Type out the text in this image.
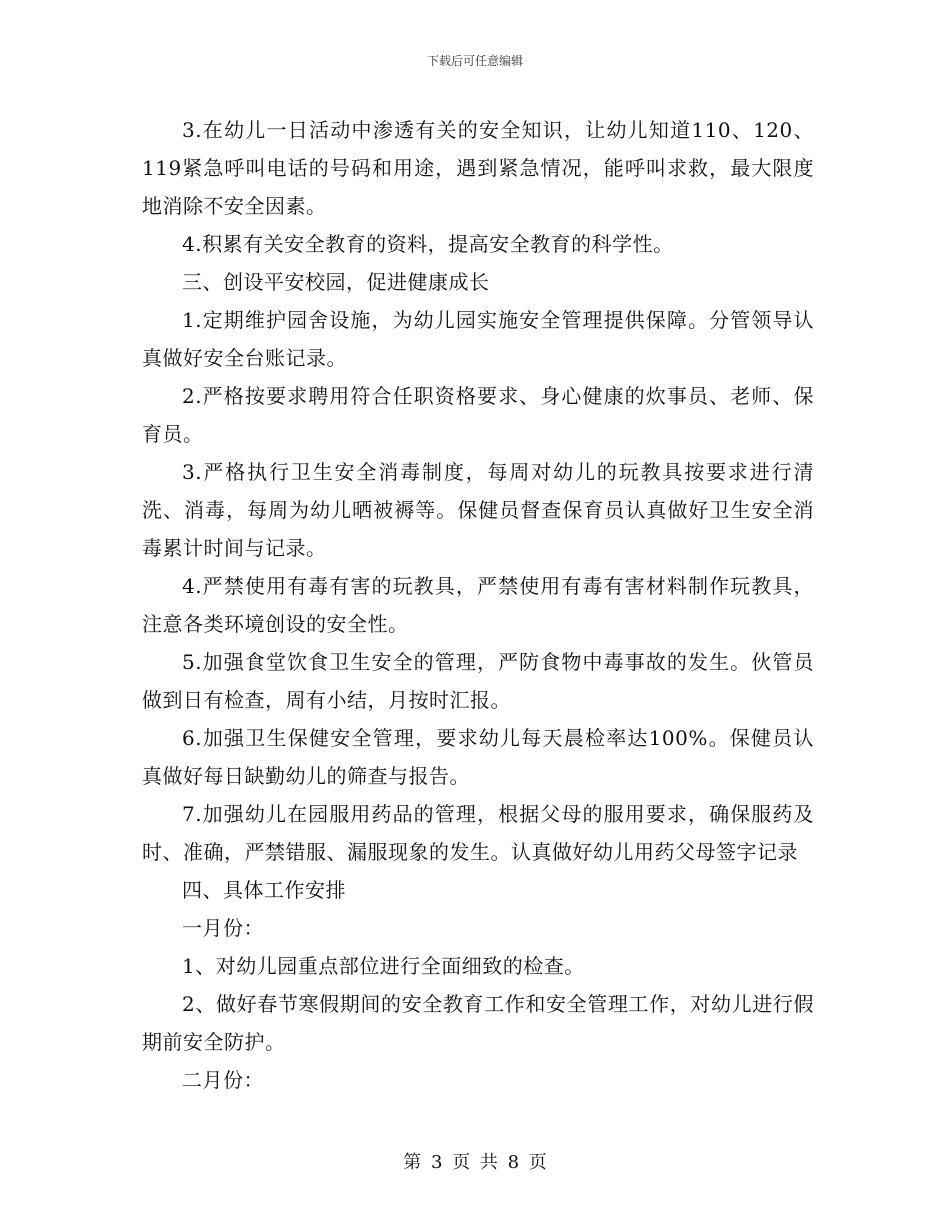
下载后可任意编辑

3.在幼儿一日活动中渗透有关的安全知识，让幼儿知道110、120、119紧急呼叫电话的号码和用途，遇到紧急情况，能呼叫求救，最大限度地消除不安全因素。

4.积累有关安全教育的资料，提高安全教育的科学性。

三、创设平安校园，促进健康成长

1.定期维护园舍设施，为幼儿园实施安全管理提供保障。分管领导认真做好安全台账记录。

2.严格按要求聘用符合任职资格要求、身心健康的炊事员、老师、保育员。

3.严格执行卫生安全消毒制度，每周对幼儿的玩教具按要求进行清洗、消毒，每周为幼儿晒被褥等。保健员督查保育员认真做好卫生安全消毒累计时间与记录。

4.严禁使用有毒有害的玩教具，严禁使用有毒有害材料制作玩教具，注意各类环境创设的安全性。

5.加强食堂饮食卫生安全的管理，严防食物中毒事故的发生。伙管员做到日有检查，周有小结，月按时汇报。

6.加强卫生保健安全管理，要求幼儿每天晨检率达100%。保健员认真做好每日缺勤幼儿的筛查与报告。

7.加强幼儿在园服用药品的管理，根据父母的服用要求，确保服药及时、准确，严禁错服、漏服现象的发生。认真做好幼儿用药父母签字记录

四、具体工作安排

一月份：

1、对幼儿园重点部位进行全面细致的检查。

2、做好春节寒假期间的安全教育工作和安全管理工作，对幼儿进行假期前安全防护。

二月份：

第 3 页 共 8 页
